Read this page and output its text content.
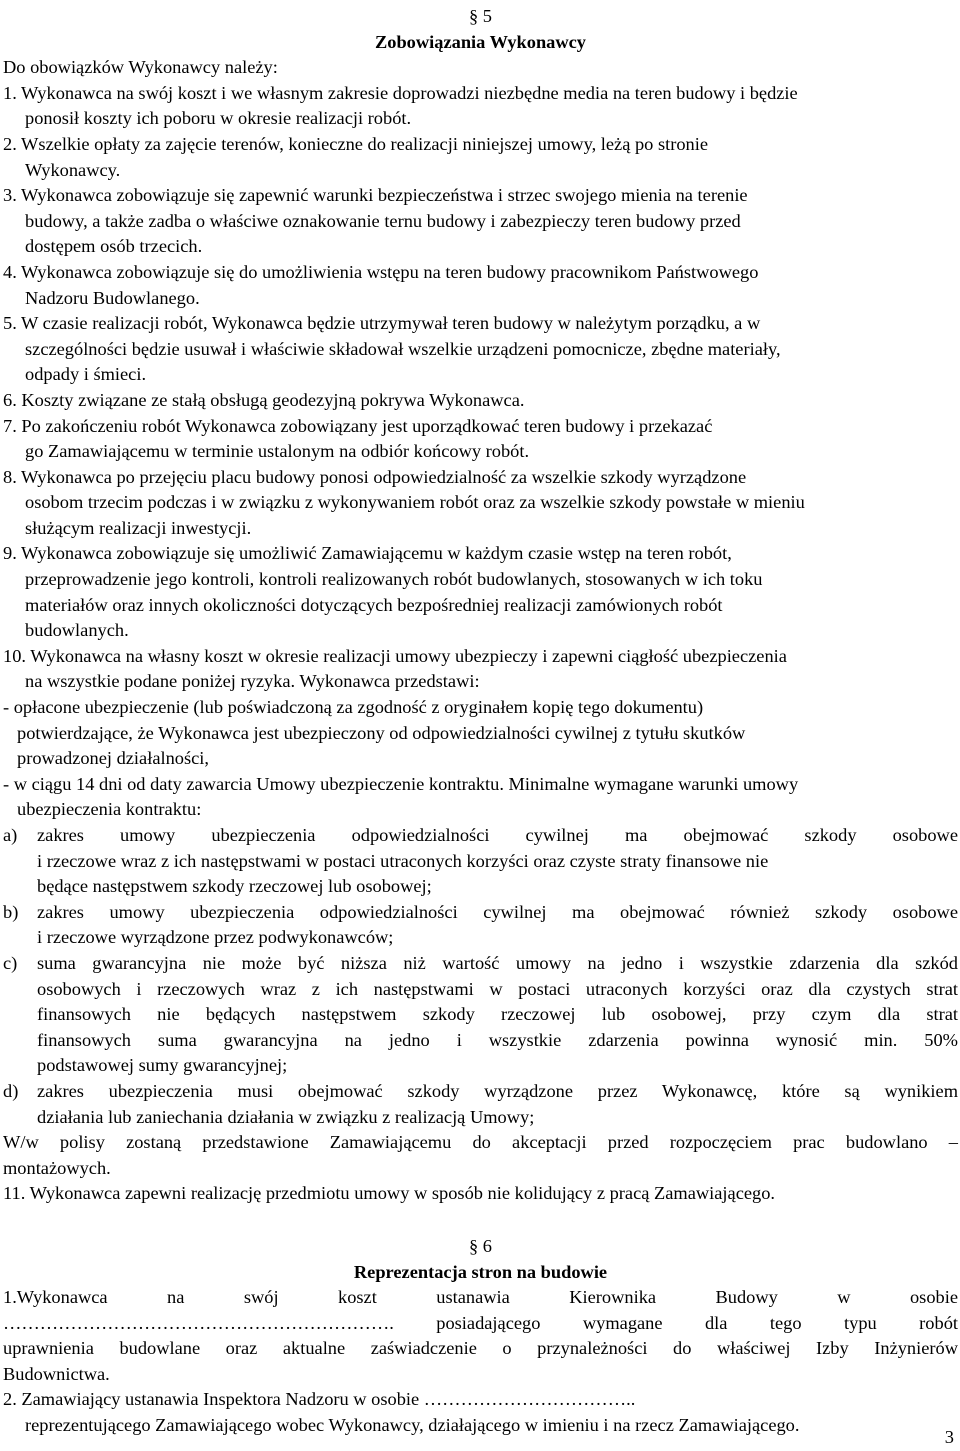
§ 5
Zobowiązania Wykonawcy
Do obowiązków Wykonawcy należy:
1. Wykonawca na swój koszt i we własnym zakresie doprowadzi niezbędne media na teren budowy i będzie
ponosił koszty ich poboru w okresie realizacji robót.
2. Wszelkie opłaty za zajęcie terenów, konieczne do realizacji niniejszej umowy, leżą po stronie
Wykonawcy.
3. Wykonawca zobowiązuje się zapewnić warunki bezpieczeństwa i strzec swojego mienia na terenie
budowy, a także zadba o właściwe oznakowanie ternu budowy i zabezpieczy teren budowy przed
dostępem osób trzecich.
4. Wykonawca zobowiązuje się do umożliwienia wstępu na teren budowy pracownikom Państwowego
Nadzoru Budowlanego.
5. W czasie realizacji robót, Wykonawca będzie utrzymywał teren budowy w należytym porządku, a w
szczególności będzie usuwał i właściwie składował wszelkie urządzeni pomocnicze, zbędne materiały,
odpady i śmieci.
6. Koszty związane ze stałą obsługą geodezyjną pokrywa Wykonawca.
7. Po zakończeniu robót Wykonawca zobowiązany jest uporządkować teren budowy i przekazać
go Zamawiającemu w terminie ustalonym na odbiór końcowy robót.
8. Wykonawca po przejęciu placu budowy ponosi odpowiedzialność za wszelkie szkody wyrządzone
osobom trzecim podczas i w związku z wykonywaniem robót oraz za wszelkie szkody powstałe w mieniu
służącym realizacji inwestycji.
9. Wykonawca zobowiązuje się umożliwić Zamawiającemu w każdym czasie wstęp na teren robót,
przeprowadzenie jego kontroli, kontroli realizowanych robót budowlanych, stosowanych w ich toku
materiałów oraz innych okoliczności dotyczących bezpośredniej realizacji zamówionych robót
budowlanych.
10. Wykonawca na własny koszt w okresie realizacji umowy ubezpieczy i zapewni ciągłość ubezpieczenia
na wszystkie podane poniżej ryzyka. Wykonawca przedstawi:
- opłacone ubezpieczenie (lub poświadczoną za zgodność z oryginałem kopię tego dokumentu)
potwierdzające, że Wykonawca jest ubezpieczony od odpowiedzialności cywilnej z tytułu skutków
prowadzonej działalności,
- w ciągu 14 dni od daty zawarcia Umowy ubezpieczenie kontraktu. Minimalne wymagane warunki umowy
ubezpieczenia kontraktu:
a)	zakres umowy ubezpieczenia odpowiedzialności cywilnej ma obejmować szkody osobowe
i rzeczowe wraz z ich następstwami w postaci utraconych korzyści oraz czyste straty finansowe nie
będące następstwem szkody rzeczowej lub osobowej;
b)	zakres umowy ubezpieczenia odpowiedzialności cywilnej ma obejmować również szkody osobowe
i rzeczowe wyrządzone przez podwykonawców;
c)	suma gwarancyjna nie może być niższa niż wartość umowy na jedno i wszystkie zdarzenia dla szkód
osobowych i rzeczowych wraz z ich następstwami w postaci utraconych korzyści oraz dla czystych strat
finansowych nie będących następstwem szkody rzeczowej lub osobowej, przy czym dla strat
finansowych suma gwarancyjna na jedno i wszystkie zdarzenia powinna wynosić min. 50%
podstawowej sumy gwarancyjnej;
d)	zakres ubezpieczenia musi obejmować szkody wyrządzone przez Wykonawcę, które są wynikiem
działania lub zaniechania działania w związku z realizacją Umowy;
W/w polisy zostaną przedstawione Zamawiającemu do akceptacji przed rozpoczęciem prac budowlano –
montażowych.
11. Wykonawca zapewni realizację przedmiotu umowy w sposób nie kolidujący z pracą Zamawiającego.
§ 6
Reprezentacja stron na budowie
1.Wykonawca na swój koszt ustanawia Kierownika Budowy w osobie
………………………………………………………. posiadającego wymagane dla tego typu robót
uprawnienia budowlane oraz aktualne zaświadczenie o przynależności do właściwej Izby Inżynierów
Budownictwa.
2. Zamawiający ustanawia Inspektora Nadzoru w osobie ……………………………..
reprezentującego Zamawiającego wobec Wykonawcy, działającego w imieniu i na rzecz Zamawiającego.
3
